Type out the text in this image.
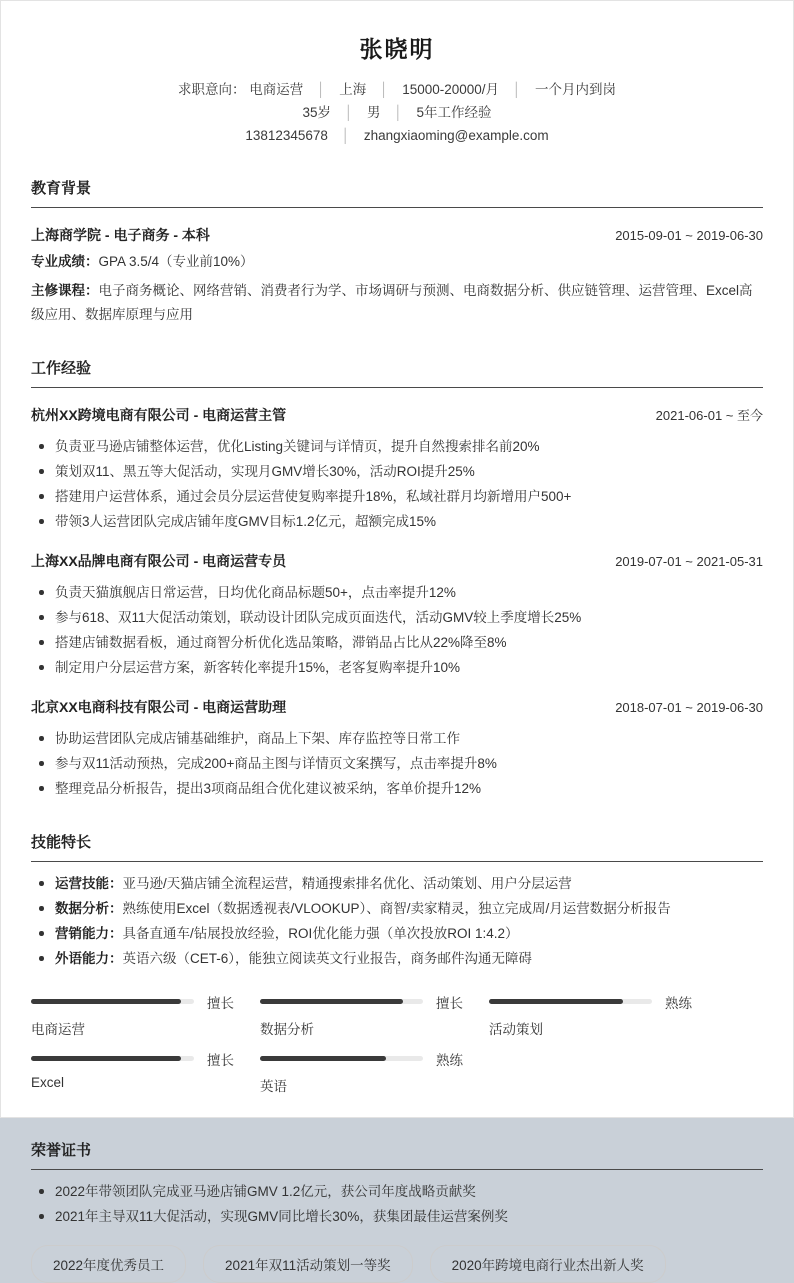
张晓明
求职意向： 电商运营 │ 上海 │ 15000-20000/月 │ 一个月内到岗
35岁 │ 男 │ 5年工作经验
13812345678 │ zhangxiaoming@example.com
教育背景
上海商学院 - 电子商务 - 本科	2015-09-01 ~ 2019-06-30
专业成绩：GPA 3.5/4（专业前10%）
主修课程：电子商务概论、网络营销、消费者行为学、市场调研与预测、电商数据分析、供应链管理、运营管理、Excel高级应用、数据库原理与应用
工作经验
杭州XX跨境电商有限公司 - 电商运营主管	2021-06-01 ~ 至今
负责亚马逊店铺整体运营，优化Listing关键词与详情页，提升自然搜索排名前20%
策划双11、黑五等大促活动，实现月GMV增长30%，活动ROI提升25%
搭建用户运营体系，通过会员分层运营使复购率提升18%，私域社群月均新增用户500+
带领3人运营团队完成店铺年度GMV目标1.2亿元，超额完成15%
上海XX品牌电商有限公司 - 电商运营专员	2019-07-01 ~ 2021-05-31
负责天猫旗舰店日常运营，日均优化商品标题50+，点击率提升12%
参与618、双11大促活动策划，联动设计团队完成页面迭代，活动GMV较上季度增长25%
搭建店铺数据看板，通过商智分析优化选品策略，滞销品占比从22%降至8%
制定用户分层运营方案，新客转化率提升15%，老客复购率提升10%
北京XX电商科技有限公司 - 电商运营助理	2018-07-01 ~ 2019-06-30
协助运营团队完成店铺基础维护，商品上下架、库存监控等日常工作
参与双11活动预热，完成200+商品主图与详情页文案撰写，点击率提升8%
整理竞品分析报告，提出3项商品组合优化建议被采纳，客单价提升12%
技能特长
运营技能：亚马逊/天猫店铺全流程运营，精通搜索排名优化、活动策划、用户分层运营
数据分析：熟练使用Excel（数据透视表/VLOOKUP）、商智/卖家精灵，独立完成周/月运营数据分析报告
营销能力：具备直通车/钻展投放经验，ROI优化能力强（单次投放ROI 1:4.2）
外语能力：英语六级（CET-6），能独立阅读英文行业报告，商务邮件沟通无障碍
擅长
电商运营
擅长
数据分析
熟练
活动策划
擅长
Excel
熟练
英语
荣誉证书
2022年带领团队完成亚马逊店铺GMV 1.2亿元，获公司年度战略贡献奖
2021年主导双11大促活动，实现GMV同比增长30%，获集团最佳运营案例奖
2022年度优秀员工	2021年双11活动策划一等奖	2020年跨境电商行业杰出新人奖
